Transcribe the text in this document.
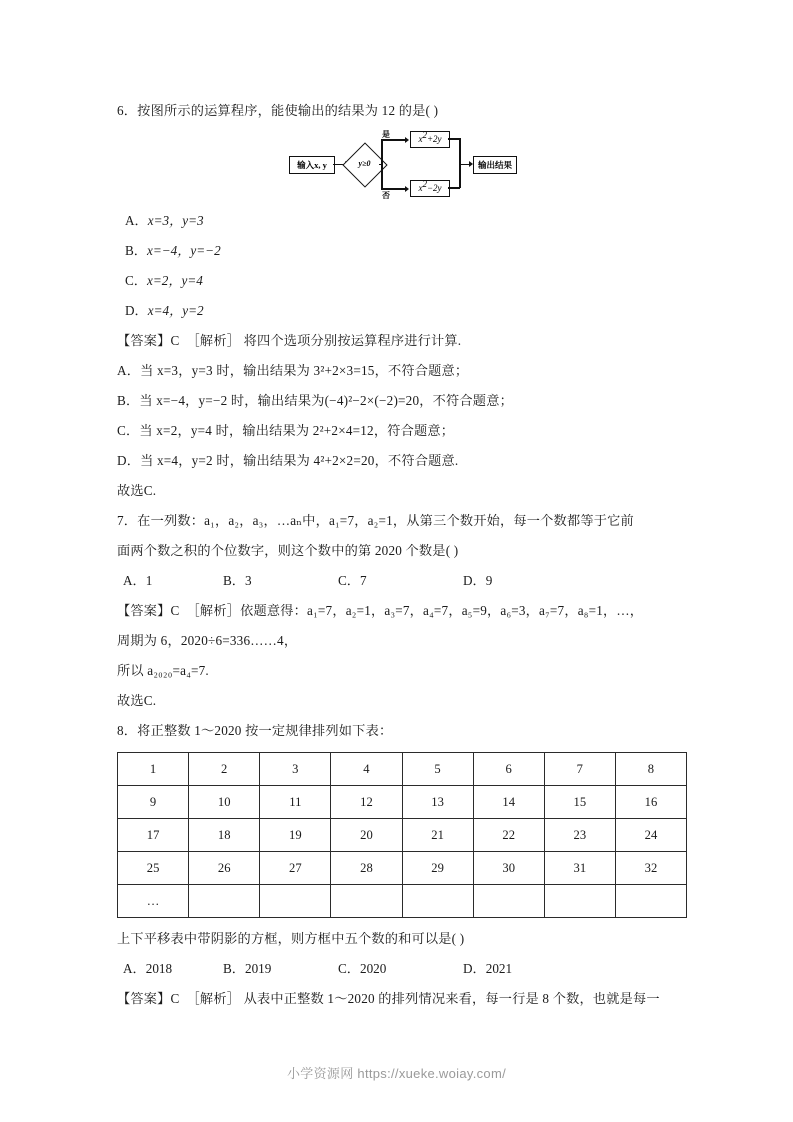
6．按图所示的运算程序，能使输出的结果为 12 的是( )
输入x, y	y≥0
是
否
$x^2+2y$
$x^2-2y$
输出结果
A．x=3，y=3
B．x=−4，y=−2
C．x=2，y=4
D．x=4，y=2
【答案】C ［解析］ 将四个选项分别按运算程序进行计算.
A．当 x=3，y=3 时，输出结果为 3²+2×3=15，不符合题意；
B．当 x=−4，y=−2 时，输出结果为(−4)²−2×(−2)=20，不符合题意；
C．当 x=2，y=4 时，输出结果为 2²+2×4=12，符合题意；
D．当 x=4，y=2 时，输出结果为 4²+2×2=20，不符合题意.
故选C.
7．在一列数：a₁，a₂，a₃，…aₙ中，a₁=7，a₂=1，从第三个数开始，每一个数都等于它前
面两个数之积的个位数字，则这个数中的第 2020 个数是( )
A．1	B．3	C．7	D．9
【答案】C ［解析］依题意得：a₁=7，a₂=1，a₃=7，a₄=7，a₅=9，a₆=3，a₇=7，a₈=1，…，
周期为 6，2020÷6=336……4，
所以 a₂₀₂₀=a₄=7.
故选C.
8．将正整数 1～2020 按一定规律排列如下表：
1	2	3	4	5	6	7	8
9	10	11	12	13	14	15	16
17	18	19	20	21	22	23	24
25	26	27	28	29	30	31	32
…							
上下平移表中带阴影的方框，则方框中五个数的和可以是( )
A．2018	B．2019	C．2020	D．2021
【答案】C ［解析］ 从表中正整数 1～2020 的排列情况来看，每一行是 8 个数，也就是每一
小学资源网 https://xueke.woiay.com/
